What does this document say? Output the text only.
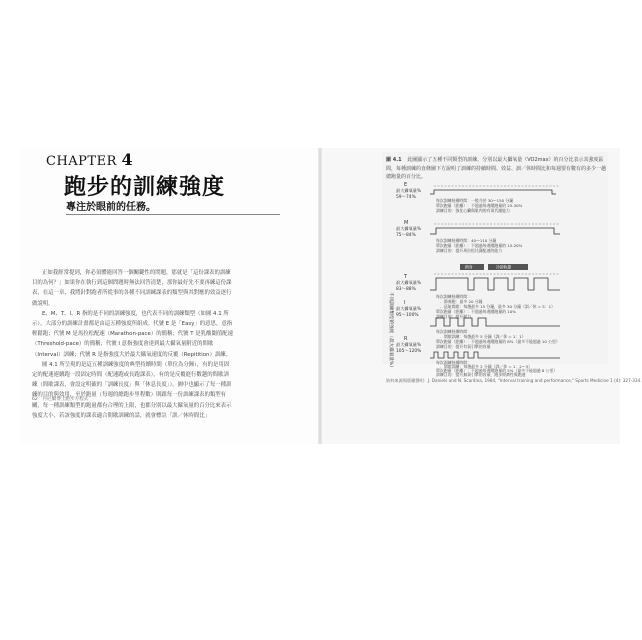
CHAPTER 4
跑步的訓練強度
專注於眼前的任務。

正如我經常提到，你必須體能回答一個關鍵性的問題，那就是「這份課表的訓練目的為何？」如果你在執行到這個問題時無法回答清楚，那你最好先不要再練這份課表，在這一章，我將針對跑者所從事的各種不同訓練課表的類型與其對應的效益逐行做說明。

E、M、T、I、R 指的是不同的訓練強度，也代表不同的訓練類型（如圖 4.1 所示）。大部分的訓練計畫都是由這五種強度所組成。代號 E 是「Easy」的意思，意指輕鬆跑；代號 M 是馬拉松配速（Marathon-pace）的簡稱；代號 T 是乳酸閾值配速（Threshold-pace）的簡稱；代號 I 意指強度會達到最大攝氧量附近的間歇（Interval）訓練；代號 R 是指強度大於最大攝氧速度的反覆（Repitition）訓練。

圖 4.1 所呈現的是這五種訓練強度的典型持續時間（單位為分鐘），有的是用固定的配速連續跑一段固定時間（配速跑或長跑課表），有的是反覆進行數趟的間歇訓練（間歇課表，會設定明確的「訓練長度」與「休息長度」）。圖中也顯示了每一種訓練的目的與效用，至於跑量（每週的總跑步里程數）則跟每一份訓練課表的類型有關，每一種訓練類型的跑量都有合理的上限，也都分別以最大攝氧量的百分比來表示強度大小，若該強度的課表適合間歇訓練的話，就會標註「訓／休時間比」

62　丹尼爾博士跑步方程式
圖 4.1 此圖顯示了五種不同類型的訓練，分別以最大攝氧量（VO2max）的百分比表示其強度區間，每種訓練的直條圖下方說明了訓練的持續時間、效益、訓／休時間比和每週要有數有的多少一趟總跑量的百分比。
不同訓練類型的強度（最大攝氧量%）
E
最大攝氧量%
59～74%
每次訓練持續時間：一般介於 30～150 分鐘
單次跑量（距離）：不超過每週總跑量的 25-30%
訓練目的：強化心臟與肌肉的有氧代謝能力
M
最大攝氧量%
75～84%
每次訓練持續時間：40～110 分鐘
單次跑量（距離）：不超過每週總跑量的 15-20%
訓練目的：提升馬拉松比賽配速的能力
熱身	冷卻收操
T
最大攝氧量%
83～88%
每次訓練持續時間：
．節奏跑：最多 20 分鐘
．巡航間歇：每趟最多 15 分鐘，最多 30 分鐘（訓／休 = 5：1）
單次跑量（距離）：不超過每週總跑量的 10%
訓練目的：提升耐力
I
最大攝氧量%
95～100%
R
最大攝氧量%
105～120%
每次訓練持續時間：
．間歇訓練：每趟最多 5 分鐘（訓／休 = 1：1）
單次跑量（距離）：不超過每週總跑量的 8%（最多不能超過 10 公里）
訓練目的：提升有氧引擎的容量
每次訓練持續時間：
．間歇訓練：每趟最多 2 分鐘（訓／休 = 1：2～3）
單次跑量（距離）：不超過每週總跑量的 5%（最多不能超過 8 公里）
訓練目的：提升無氧引擎的容量，跑步經濟性與跑速
資料來源與版權聲明：J. Daniels and N. Scardina, 1984, "Interval training and performance," Sports Medicine 1 (4): 327-334.
